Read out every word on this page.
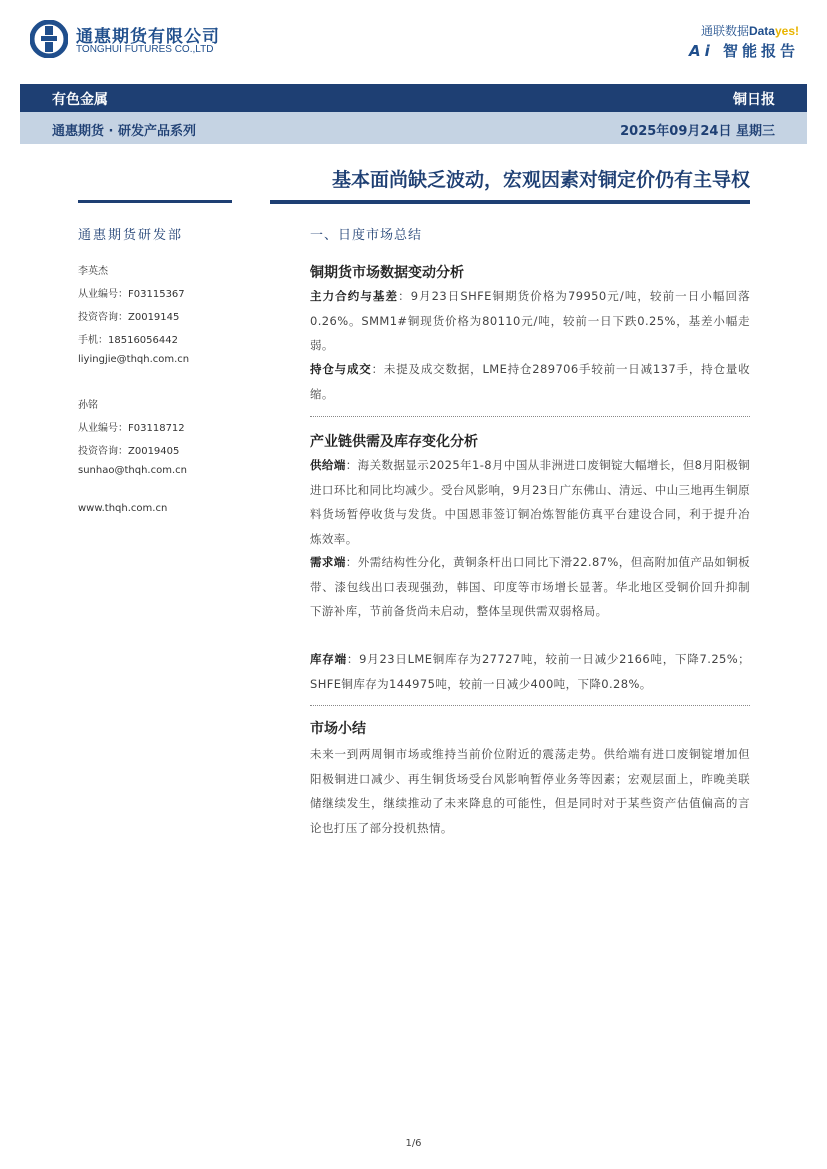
通惠期货有限公司
TONGHUI FUTURES CO.,LTD
通联数据Datayes!
Ai 智能报告
有色金属	铜日报
通惠期货 · 研发产品系列	2025年09月24日 星期三
基本面尚缺乏波动，宏观因素对铜定价仍有主导权
通惠期货研发部
李英杰
从业编号：F03115367
投资咨询：Z0019145
手机：18516056442
liyingjie@thqh.com.cn
孙铭
从业编号：F03118712
投资咨询：Z0019405
sunhao@thqh.com.cn
www.thqh.com.cn
一、日度市场总结
铜期货市场数据变动分析
主力合约与基差：9月23日SHFE铜期货价格为79950元/吨，较前一日小幅回落0.26%。SMM1#铜现货价格为80110元/吨，较前一日下跌0.25%，基差小幅走弱。
持仓与成交：未提及成交数据，LME持仓289706手较前一日减137手，持仓量收缩。
产业链供需及库存变化分析
供给端：海关数据显示2025年1-8月中国从非洲进口废铜锭大幅增长，但8月阳极铜进口环比和同比均减少。受台风影响，9月23日广东佛山、清远、中山三地再生铜原料货场暂停收货与发货。中国恩菲签订铜冶炼智能仿真平台建设合同，利于提升冶炼效率。
需求端：外需结构性分化，黄铜条杆出口同比下滑22.87%，但高附加值产品如铜板带、漆包线出口表现强劲，韩国、印度等市场增长显著。华北地区受铜价回升抑制下游补库，节前备货尚未启动，整体呈现供需双弱格局。
库存端：9月23日LME铜库存为27727吨，较前一日减少2166吨，下降7.25%；SHFE铜库存为144975吨，较前一日减少400吨，下降0.28%。
市场小结
未来一到两周铜市场或维持当前价位附近的震荡走势。供给端有进口废铜锭增加但阳极铜进口减少、再生铜货场受台风影响暂停业务等因素；宏观层面上，昨晚美联储继续发生，继续推动了未来降息的可能性，但是同时对于某些资产估值偏高的言论也打压了部分投机热情。
1/6
